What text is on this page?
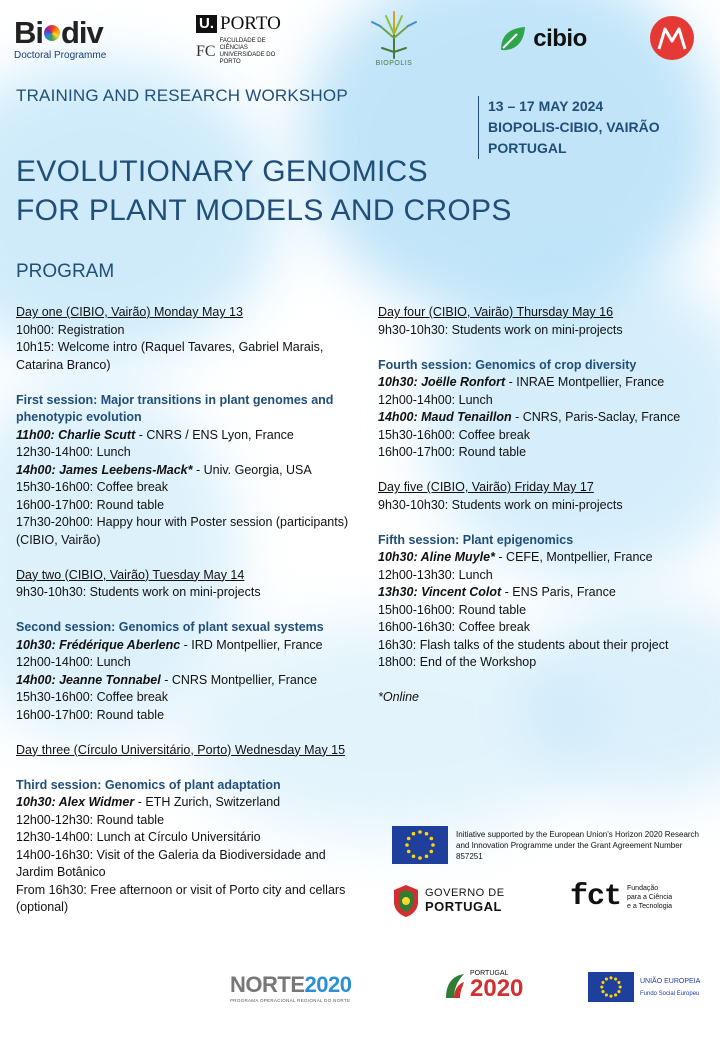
Bi div
Doctoral Programme
U. PORTO
FC
FACULDADE DE CIÊNCIAS
UNIVERSIDADE DO PORTO	BIOPOLIS
cibio
TRAINING AND RESEARCH WORKSHOP
13 – 17 MAY 2024
BIOPOLIS-CIBIO, VAIRÃO
PORTUGAL
EVOLUTIONARY GENOMICS
FOR PLANT MODELS AND CROPS
PROGRAM

Day one (CIBIO, Vairão) Monday May 13

10h00: Registration

10h15: Welcome intro (Raquel Tavares, Gabriel Marais, Catarina Branco)

First session: Major transitions in plant genomes and phenotypic evolution

11h00: Charlie Scutt - CNRS / ENS Lyon, France

12h30-14h00: Lunch

14h00: James Leebens-Mack* - Univ. Georgia, USA

15h30-16h00: Coffee break

16h00-17h00: Round table

17h30-20h00: Happy hour with Poster session (participants) (CIBIO, Vairão)

Day two (CIBIO, Vairão) Tuesday May 14

9h30-10h30: Students work on mini-projects

Second session: Genomics of plant sexual systems

10h30: Frédérique Aberlenc - IRD Montpellier, France

12h00-14h00: Lunch

14h00: Jeanne Tonnabel - CNRS Montpellier, France

15h30-16h00: Coffee break

16h00-17h00: Round table

Day three (Círculo Universitário, Porto) Wednesday May 15

Third session: Genomics of plant adaptation

10h30: Alex Widmer - ETH Zurich, Switzerland

12h00-12h30: Round table

12h30-14h00: Lunch at Círculo Universitário

14h00-16h30: Visit of the Galeria da Biodiversidade and Jardim Botânico

From 16h30: Free afternoon or visit of Porto city and cellars (optional)

Day four (CIBIO, Vairão) Thursday May 16

9h30-10h30: Students work on mini-projects

Fourth session: Genomics of crop diversity

10h30: Joëlle Ronfort - INRAE Montpellier, France

12h00-14h00: Lunch

14h00: Maud Tenaillon - CNRS, Paris-Saclay, France

15h30-16h00: Coffee break

16h00-17h00: Round table

Day five (CIBIO, Vairão) Friday May 17

9h30-10h30: Students work on mini-projects

Fifth session: Plant epigenomics

10h30: Aline Muyle* - CEFE, Montpellier, France

12h00-13h30: Lunch

13h30: Vincent Colot - ENS Paris, France

15h00-16h00: Round table

16h00-16h30: Coffee break

16h30: Flash talks of the students about their project

18h00: End of the Workshop

*Online

Initiative supported by the European Union's Horizon 2020 Research and Innovation Programme under the Grant Agreement Number 857251
GOVERNO DE
PORTUGAL fct Fundação
para a Ciência
e a Tecnologia
NORTE2020
PROGRAMA OPERACIONAL REGIONAL DO NORTE
PORTUGAL
2020	UNIÃO EUROPEIA
Fundo Social Europeu
